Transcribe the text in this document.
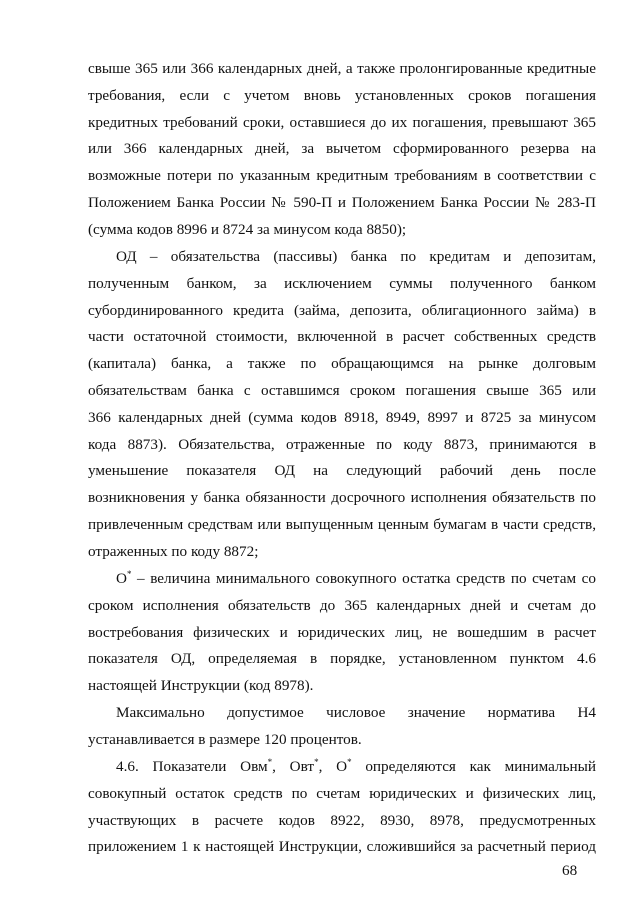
свыше 365 или 366 календарных дней, а также пролонгированные кредитные
требования, если с учетом вновь установленных сроков погашения
кредитных требований сроки, оставшиеся до их погашения, превышают 365
или 366 календарных дней, за вычетом сформированного резерва на
возможные потери по указанным кредитным требованиям в соответствии с
Положением Банка России № 590-П и Положением Банка России № 283-П
(сумма кодов 8996 и 8724 за минусом кода 8850);
ОД – обязательства (пассивы) банка по кредитам и депозитам,
полученным банком, за исключением суммы полученного банком
субординированного кредита (займа, депозита, облигационного займа) в
части остаточной стоимости, включенной в расчет собственных средств
(капитала) банка, а также по обращающимся на рынке долговым
обязательствам банка с оставшимся сроком погашения свыше 365 или
366 календарных дней (сумма кодов 8918, 8949, 8997 и 8725 за минусом
кода 8873). Обязательства, отраженные по коду 8873, принимаются в
уменьшение показателя ОД на следующий рабочий день после
возникновения у банка обязанности досрочного исполнения обязательств по
привлеченным средствам или выпущенным ценным бумагам в части средств,
отраженных по коду 8872;
О* – величина минимального совокупного остатка средств по счетам со
сроком исполнения обязательств до 365 календарных дней и счетам до
востребования физических и юридических лиц, не вошедшим в расчет
показателя ОД, определяемая в порядке, установленном пунктом 4.6
настоящей Инструкции (код 8978).
Максимально допустимое числовое значение норматива Н4
устанавливается в размере 120 процентов.
4.6. Показатели Овм*, Овт*, О* определяются как минимальный
совокупный остаток средств по счетам юридических и физических лиц,
участвующих в расчете кодов 8922, 8930, 8978, предусмотренных
приложением 1 к настоящей Инструкции, сложившийся за расчетный период
68
